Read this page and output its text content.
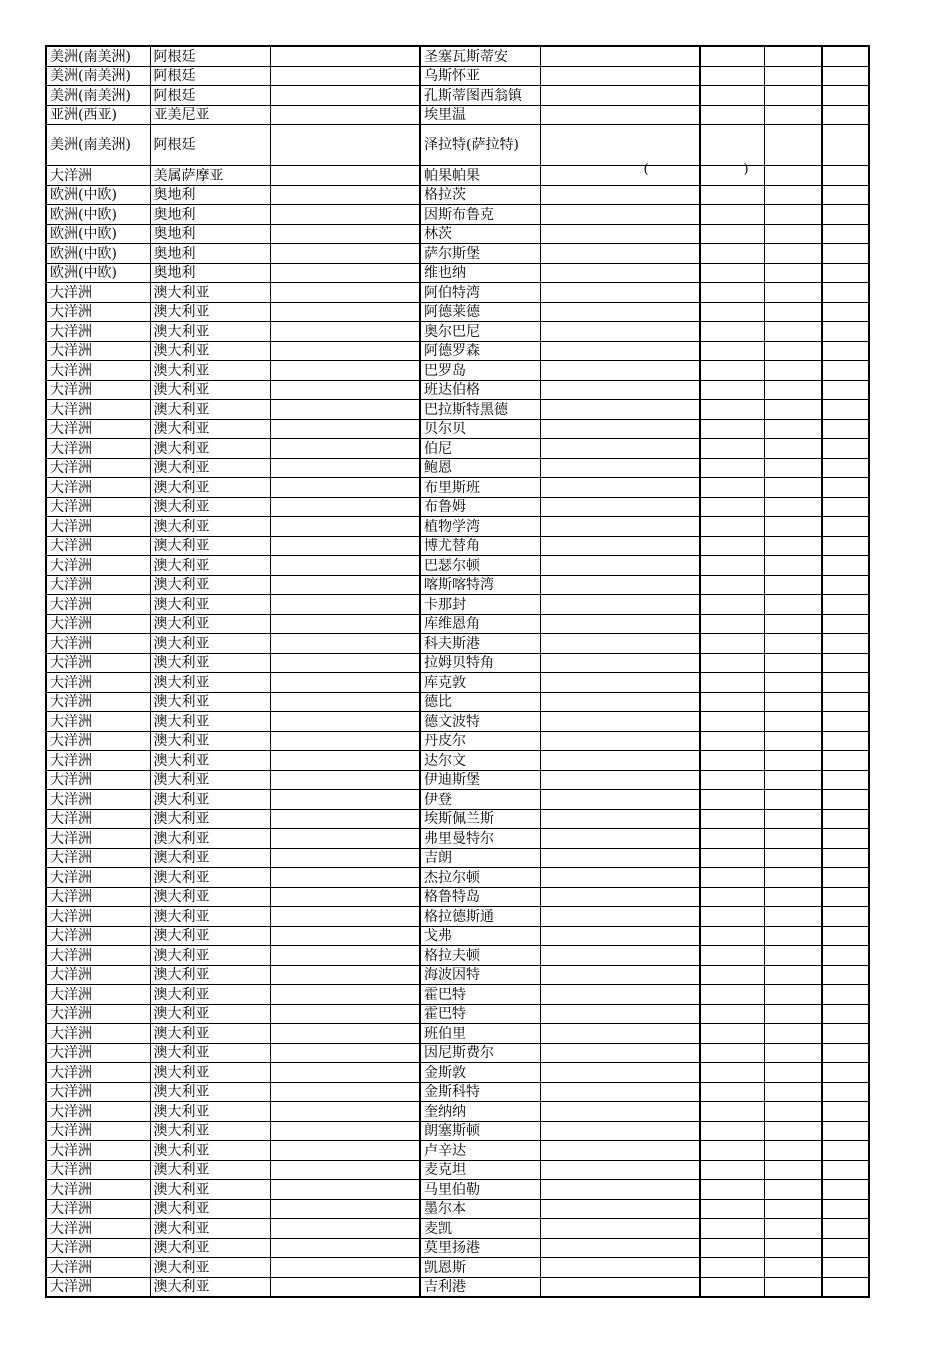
美洲(南美洲)	阿根廷		圣塞瓦斯蒂安				
美洲(南美洲)	阿根廷		乌斯怀亚				
美洲(南美洲)	阿根廷		孔斯蒂图西翁镇				
亚洲(西亚)	亚美尼亚		埃里温				
美洲(南美洲)	阿根廷		泽拉特(萨拉特)	( )			

大洋洲	美属萨摩亚		帕果帕果				
欧洲(中欧)	奥地利		格拉茨				
欧洲(中欧)	奥地利		因斯布鲁克				
欧洲(中欧)	奥地利		林茨				
欧洲(中欧)	奥地利		萨尔斯堡				
欧洲(中欧)	奥地利		维也纳				
大洋洲	澳大利亚		阿伯特湾				
大洋洲	澳大利亚		阿德莱德				
大洋洲	澳大利亚		奥尔巴尼				
大洋洲	澳大利亚		阿德罗森				
大洋洲	澳大利亚		巴罗岛				
大洋洲	澳大利亚		班达伯格				
大洋洲	澳大利亚		巴拉斯特黑德				
大洋洲	澳大利亚		贝尔贝				
大洋洲	澳大利亚		伯尼				
大洋洲	澳大利亚		鲍恩				
大洋洲	澳大利亚		布里斯班				
大洋洲	澳大利亚		布鲁姆				
大洋洲	澳大利亚		植物学湾				
大洋洲	澳大利亚		博尤替角				
大洋洲	澳大利亚		巴瑟尔顿				
大洋洲	澳大利亚		喀斯喀特湾				
大洋洲	澳大利亚		卡那封				
大洋洲	澳大利亚		库维恩角				
大洋洲	澳大利亚		科夫斯港				
大洋洲	澳大利亚		拉姆贝特角				
大洋洲	澳大利亚		库克敦				
大洋洲	澳大利亚		德比				
大洋洲	澳大利亚		德文波特				
大洋洲	澳大利亚		丹皮尔				
大洋洲	澳大利亚		达尔文				
大洋洲	澳大利亚		伊迪斯堡				
大洋洲	澳大利亚		伊登				
大洋洲	澳大利亚		埃斯佩兰斯				
大洋洲	澳大利亚		弗里曼特尔				
大洋洲	澳大利亚		吉朗				
大洋洲	澳大利亚		杰拉尔顿				
大洋洲	澳大利亚		格鲁特岛				
大洋洲	澳大利亚		格拉德斯通				
大洋洲	澳大利亚		戈弗				
大洋洲	澳大利亚		格拉夫顿				
大洋洲	澳大利亚		海波因特				
大洋洲	澳大利亚		霍巴特				
大洋洲	澳大利亚		霍巴特				
大洋洲	澳大利亚		班伯里				
大洋洲	澳大利亚		因尼斯费尔				
大洋洲	澳大利亚		金斯敦				
大洋洲	澳大利亚		金斯科特				
大洋洲	澳大利亚		奎纳纳				
大洋洲	澳大利亚		朗塞斯顿				
大洋洲	澳大利亚		卢辛达				
大洋洲	澳大利亚		麦克坦				
大洋洲	澳大利亚		马里伯勒				
大洋洲	澳大利亚		墨尔本				
大洋洲	澳大利亚		麦凯				
大洋洲	澳大利亚		莫里扬港				
大洋洲	澳大利亚		凯恩斯				
大洋洲	澳大利亚		吉利港				
